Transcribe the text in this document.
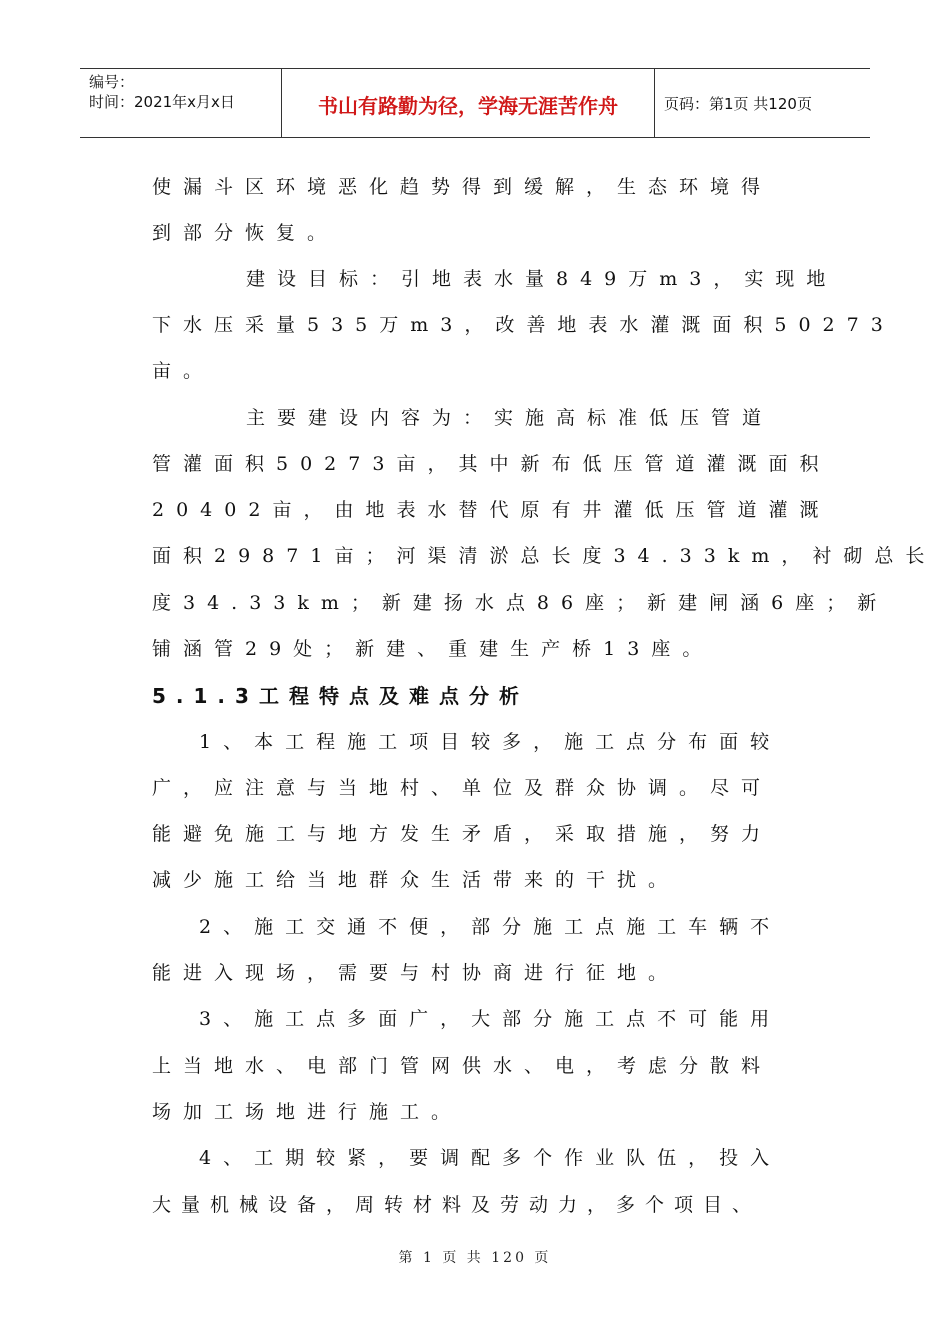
编号：
时间：2021年x月x日	书山有路勤为径，学海无涯苦作舟	页码：第1页 共120页
使漏斗区环境恶化趋势得到缓解，生态环境得
到部分恢复。
建设目标：引地表水量849万m3，实现地
下水压采量535万m3，改善地表水灌溉面积50273
亩。
主要建设内容为：实施高标准低压管道
管灌面积50273亩，其中新布低压管道灌溉面积
20402亩，由地表水替代原有井灌低压管道灌溉
面积29871亩；河渠清淤总长度34.33km，衬砌总长
度34.33km；新建扬水点86座；新建闸涵6座；新
铺涵管29处；新建、重建生产桥13座。
5.1.3工程特点及难点分析
1、本工程施工项目较多，施工点分布面较
广，应注意与当地村、单位及群众协调。尽可
能避免施工与地方发生矛盾，采取措施，努力
减少施工给当地群众生活带来的干扰。
2、施工交通不便，部分施工点施工车辆不
能进入现场，需要与村协商进行征地。
3、施工点多面广，大部分施工点不可能用
上当地水、电部门管网供水、电，考虑分散料
场加工场地进行施工。
4、工期较紧，要调配多个作业队伍，投入
大量机械设备，周转材料及劳动力，多个项目、
第 1 页 共 120 页
